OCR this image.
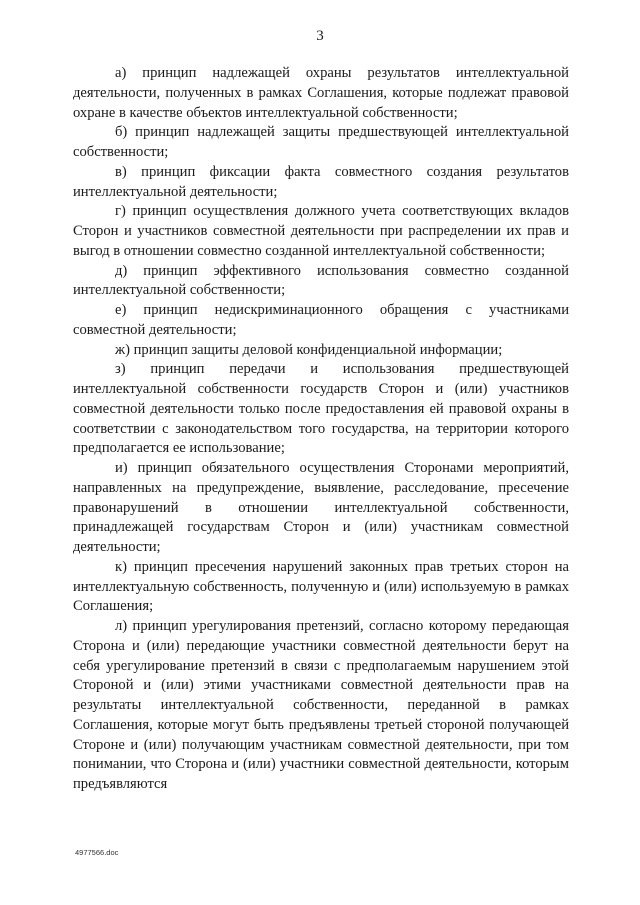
3

а) принцип надлежащей охраны результатов интеллектуальной деятельности, полученных в рамках Соглашения, которые подлежат правовой охране в качестве объектов интеллектуальной собственности;

б) принцип надлежащей защиты предшествующей интеллектуальной собственности;

в) принцип фиксации факта совместного создания результатов интеллектуальной деятельности;

г) принцип осуществления должного учета соответствующих вкладов Сторон и участников совместной деятельности при распределении их прав и выгод в отношении совместно созданной интеллектуальной собственности;

д) принцип эффективного использования совместно созданной интеллектуальной собственности;

е) принцип недискриминационного обращения с участниками совместной деятельности;

ж) принцип защиты деловой конфиденциальной информации;

з) принцип передачи и использования предшествующей интеллектуальной собственности государств Сторон и (или) участников совместной деятельности только после предоставления ей правовой охраны в соответствии с законодательством того государства, на территории которого предполагается ее использование;

и) принцип обязательного осуществления Сторонами мероприятий, направленных на предупреждение, выявление, расследование, пресечение правонарушений в отношении интеллектуальной собственности, принадлежащей государствам Сторон и (или) участникам совместной деятельности;

к) принцип пресечения нарушений законных прав третьих сторон на интеллектуальную собственность, полученную и (или) используемую в рамках Соглашения;

л) принцип урегулирования претензий, согласно которому передающая Сторона и (или) передающие участники совместной деятельности берут на себя урегулирование претензий в связи с предполагаемым нарушением этой Стороной и (или) этими участниками совместной деятельности прав на результаты интеллектуальной собственности, переданной в рамках Соглашения, которые могут быть предъявлены третьей стороной получающей Стороне и (или) получающим участникам совместной деятельности, при том понимании, что Сторона и (или) участники совместной деятельности, которым предъявляются

4977566.doc
